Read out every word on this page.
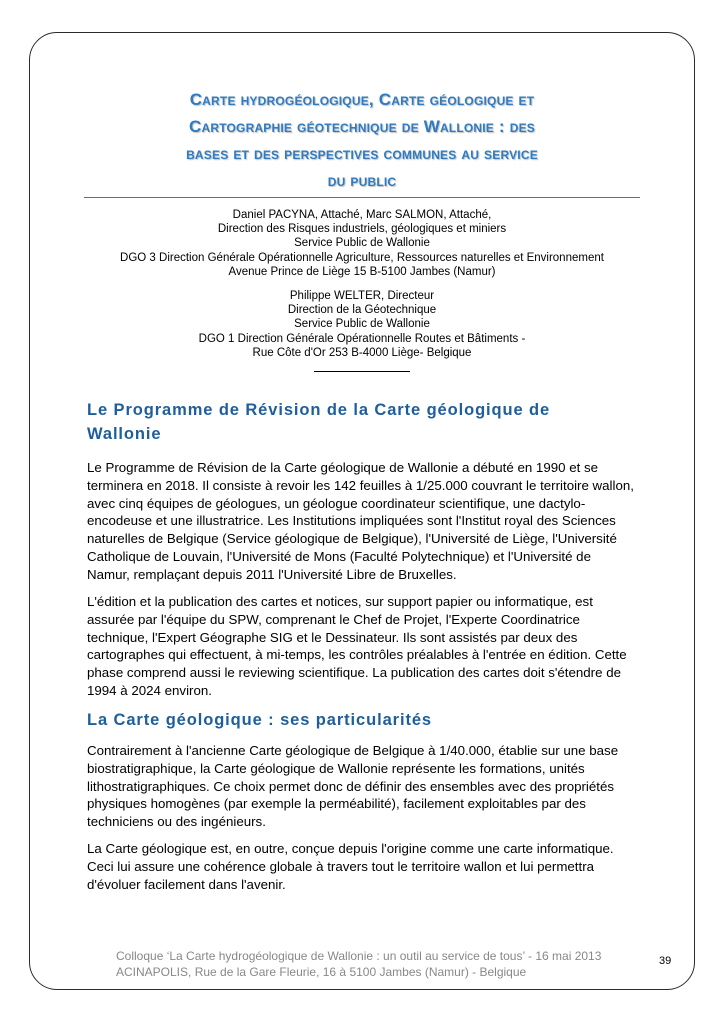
Carte hydrogéologique, Carte géologique et
Cartographie géotechnique de Wallonie : des
bases et des perspectives communes au service
du public
Daniel PACYNA, Attaché, Marc SALMON, Attaché,
Direction des Risques industriels, géologiques et miniers
Service Public de Wallonie
DGO 3 Direction Générale Opérationnelle Agriculture, Ressources naturelles et Environnement
Avenue Prince de Liège 15 B-5100 Jambes (Namur)
Philippe WELTER, Directeur
Direction de la Géotechnique
Service Public de Wallonie
DGO 1 Direction Générale Opérationnelle Routes et Bâtiments -
Rue Côte d'Or 253 B-4000 Liège- Belgique
Le Programme de Révision de la Carte géologique de
Wallonie
Le Programme de Révision de la Carte géologique de Wallonie a débuté en 1990 et se
terminera en 2018. Il consiste à revoir les 142 feuilles à 1/25.000 couvrant le territoire wallon,
avec cinq équipes de géologues, un géologue coordinateur scientifique, une dactylo-
encodeuse et une illustratrice. Les Institutions impliquées sont l'Institut royal des Sciences
naturelles de Belgique (Service géologique de Belgique), l'Université de Liège, l'Université
Catholique de Louvain, l'Université de Mons (Faculté Polytechnique) et l'Université de
Namur, remplaçant depuis 2011 l'Université Libre de Bruxelles.
L'édition et la publication des cartes et notices, sur support papier ou informatique, est
assurée par l'équipe du SPW, comprenant le Chef de Projet, l'Experte Coordinatrice
technique, l'Expert Géographe SIG et le Dessinateur. Ils sont assistés par deux des
cartographes qui effectuent, à mi-temps, les contrôles préalables à l'entrée en édition. Cette
phase comprend aussi le reviewing scientifique. La publication des cartes doit s'étendre de
1994 à 2024 environ.
La Carte géologique : ses particularités
Contrairement à l'ancienne Carte géologique de Belgique à 1/40.000, établie sur une base
biostratigraphique, la Carte géologique de Wallonie représente les formations, unités
lithostratigraphiques. Ce choix permet donc de définir des ensembles avec des propriétés
physiques homogènes (par exemple la perméabilité), facilement exploitables par des
techniciens ou des ingénieurs.
La Carte géologique est, en outre, conçue depuis l'origine comme une carte informatique.
Ceci lui assure une cohérence globale à travers tout le territoire wallon et lui permettra
d'évoluer facilement dans l'avenir.
Colloque ‘La Carte hydrogéologique de Wallonie : un outil au service de tous’ - 16 mai 2013
ACINAPOLIS, Rue de la Gare Fleurie, 16 à 5100 Jambes (Namur) - Belgique
39
